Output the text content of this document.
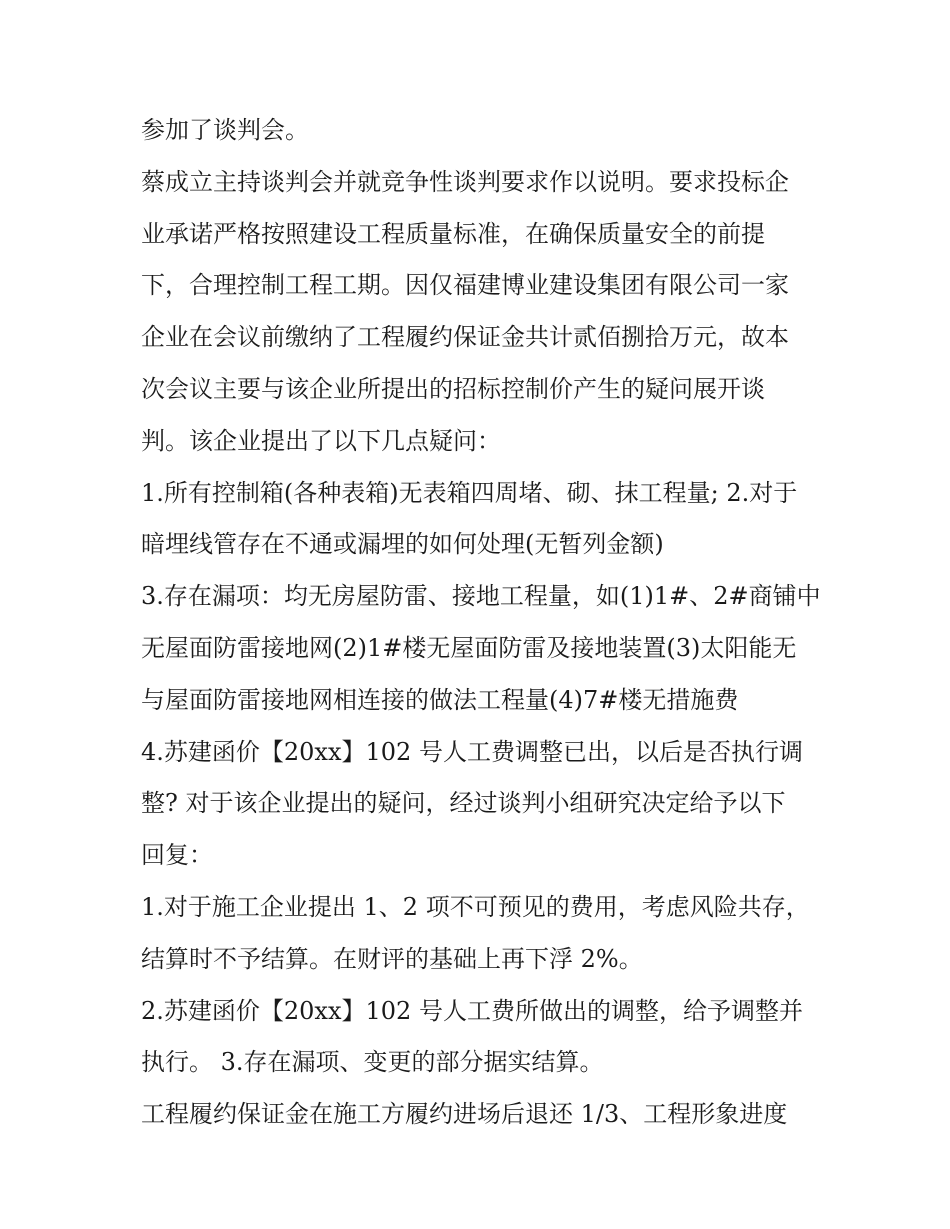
参加了谈判会。
蔡成立主持谈判会并就竞争性谈判要求作以说明。要求投标企
业承诺严格按照建设工程质量标准，在确保质量安全的前提
下，合理控制工程工期。因仅福建博业建设集团有限公司一家
企业在会议前缴纳了工程履约保证金共计贰佰捌拾万元，故本
次会议主要与该企业所提出的招标控制价产生的疑问展开谈
判。该企业提出了以下几点疑问：
1.所有控制箱(各种表箱)无表箱四周堵、砌、抹工程量; 2.对于
暗埋线管存在不通或漏埋的如何处理(无暂列金额)
3.存在漏项：均无房屋防雷、接地工程量，如(1)1#、2#商铺中
无屋面防雷接地网(2)1#楼无屋面防雷及接地装置(3)太阳能无
与屋面防雷接地网相连接的做法工程量(4)7#楼无措施费
4.苏建函价【20xx】102 号人工费调整已出，以后是否执行调
整? 对于该企业提出的疑问，经过谈判小组研究决定给予以下
回复：
1.对于施工企业提出 1、2 项不可预见的费用，考虑风险共存，
结算时不予结算。在财评的基础上再下浮 2%。
2.苏建函价【20xx】102 号人工费所做出的调整，给予调整并
执行。 3.存在漏项、变更的部分据实结算。
工程履约保证金在施工方履约进场后退还 1/3、工程形象进度
